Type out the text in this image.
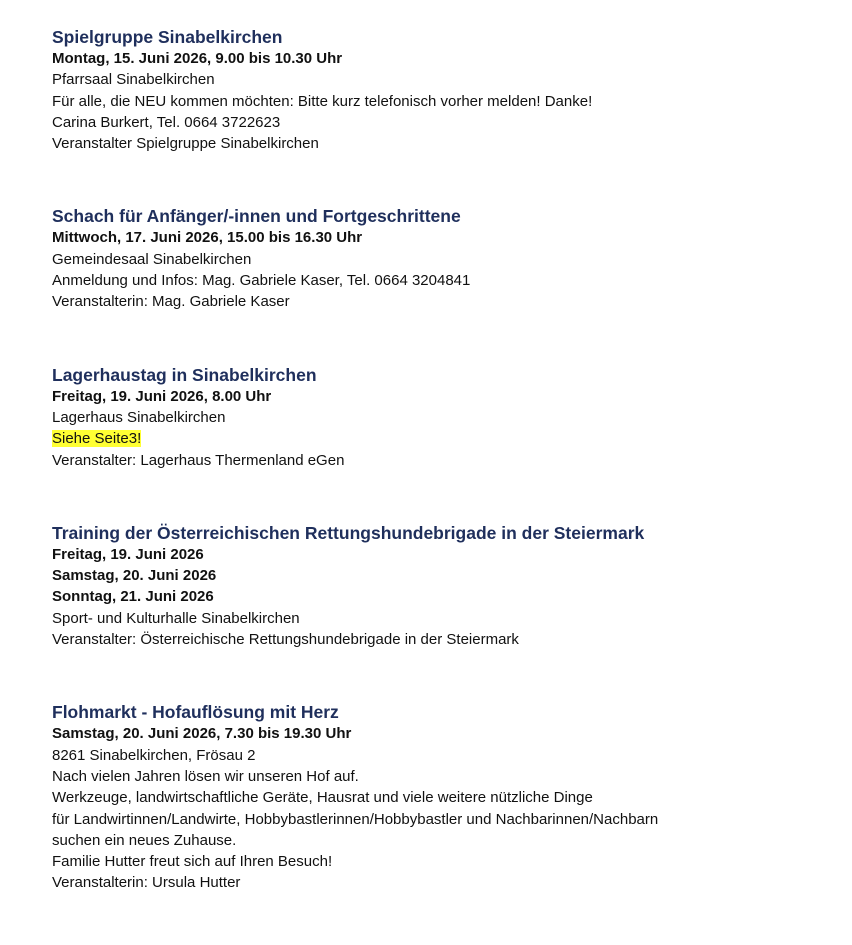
Spielgruppe Sinabelkirchen

Montag, 15. Juni 2026, 9.00 bis 10.30 Uhr

Pfarrsaal Sinabelkirchen

Für alle, die NEU kommen möchten: Bitte kurz telefonisch vorher melden! Danke!

Carina Burkert, Tel. 0664 3722623

Veranstalter Spielgruppe Sinabelkirchen

Schach für Anfänger/-innen und Fortgeschrittene

Mittwoch, 17. Juni 2026, 15.00 bis 16.30 Uhr

Gemeindesaal Sinabelkirchen

Anmeldung und Infos: Mag. Gabriele Kaser, Tel. 0664 3204841

Veranstalterin: Mag. Gabriele Kaser

Lagerhaustag in Sinabelkirchen

Freitag, 19. Juni 2026, 8.00 Uhr

Lagerhaus Sinabelkirchen

Siehe Seite3!

Veranstalter: Lagerhaus Thermenland eGen

Training der Österreichischen Rettungshundebrigade in der Steiermark

Freitag, 19. Juni 2026

Samstag, 20. Juni 2026

Sonntag, 21. Juni 2026

Sport- und Kulturhalle Sinabelkirchen

Veranstalter: Österreichische Rettungshundebrigade in der Steiermark

Flohmarkt - Hofauflösung mit Herz

Samstag, 20. Juni 2026, 7.30 bis 19.30 Uhr

8261 Sinabelkirchen, Frösau 2

Nach vielen Jahren lösen wir unseren Hof auf.

Werkzeuge, landwirtschaftliche Geräte, Hausrat und viele weitere nützliche Dinge

für Landwirtinnen/Landwirte, Hobbybastlerinnen/Hobbybastler und Nachbarinnen/Nachbarn

suchen ein neues Zuhause.

Familie Hutter freut sich auf Ihren Besuch!

Veranstalterin: Ursula Hutter
